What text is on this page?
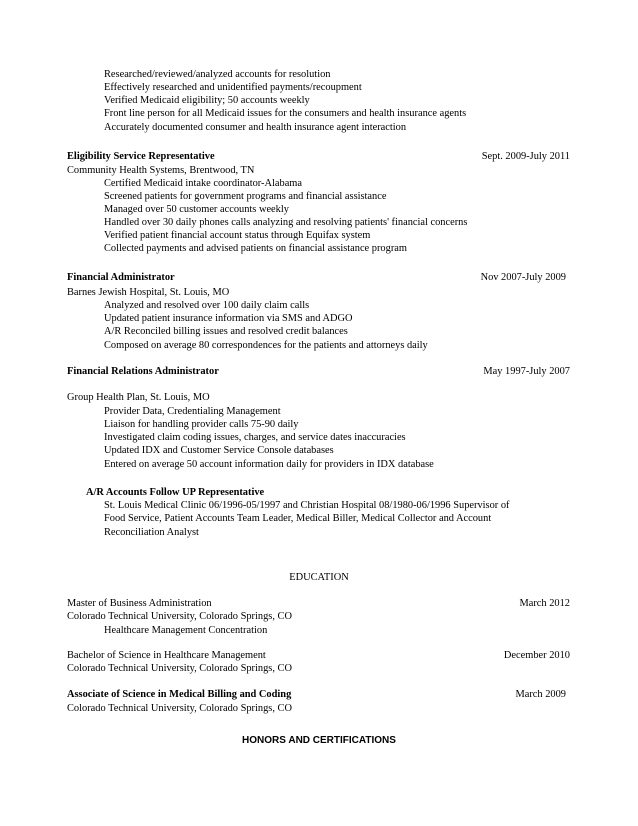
Researched/reviewed/analyzed accounts for resolution
Effectively researched and unidentified payments/recoupment
Verified Medicaid eligibility; 50 accounts weekly
Front line person for all Medicaid issues for the consumers and health insurance agents
Accurately documented consumer and health insurance agent interaction
Eligibility Service Representative	Sept. 2009-July 2011
Community Health Systems, Brentwood, TN
Certified Medicaid intake coordinator-Alabama
Screened patients for government programs and financial assistance
Managed over 50 customer accounts weekly
Handled over 30 daily phones calls analyzing and resolving patients' financial concerns
Verified patient financial account status through Equifax system
Collected payments and advised patients on financial assistance program
Financial Administrator	Nov 2007-July 2009
Barnes Jewish Hospital, St. Louis, MO
Analyzed and resolved over 100 daily claim calls
Updated patient insurance information via SMS and ADGO
A/R Reconciled billing issues and resolved credit balances
Composed on average 80 correspondences for the patients and attorneys daily
Financial Relations Administrator	May 1997-July 2007
Group Health Plan, St. Louis, MO
Provider Data, Credentialing Management
Liaison for handling provider calls 75-90 daily
Investigated claim coding issues, charges, and service dates inaccuracies
Updated IDX and Customer Service Console databases
Entered on average 50 account information daily for providers in IDX database
A/R Accounts Follow UP Representative
St. Louis Medical Clinic 06/1996-05/1997 and Christian Hospital 08/1980-06/1996 Supervisor of
Food Service, Patient Accounts Team Leader, Medical Biller, Medical Collector and Account
Reconciliation Analyst
EDUCATION
Master of Business Administration	March 2012
Colorado Technical University, Colorado Springs, CO
Healthcare Management Concentration
Bachelor of Science in Healthcare Management	December 2010
Colorado Technical University, Colorado Springs, CO
Associate of Science in Medical Billing and Coding	March 2009
Colorado Technical University, Colorado Springs, CO
HONORS AND CERTIFICATIONS
